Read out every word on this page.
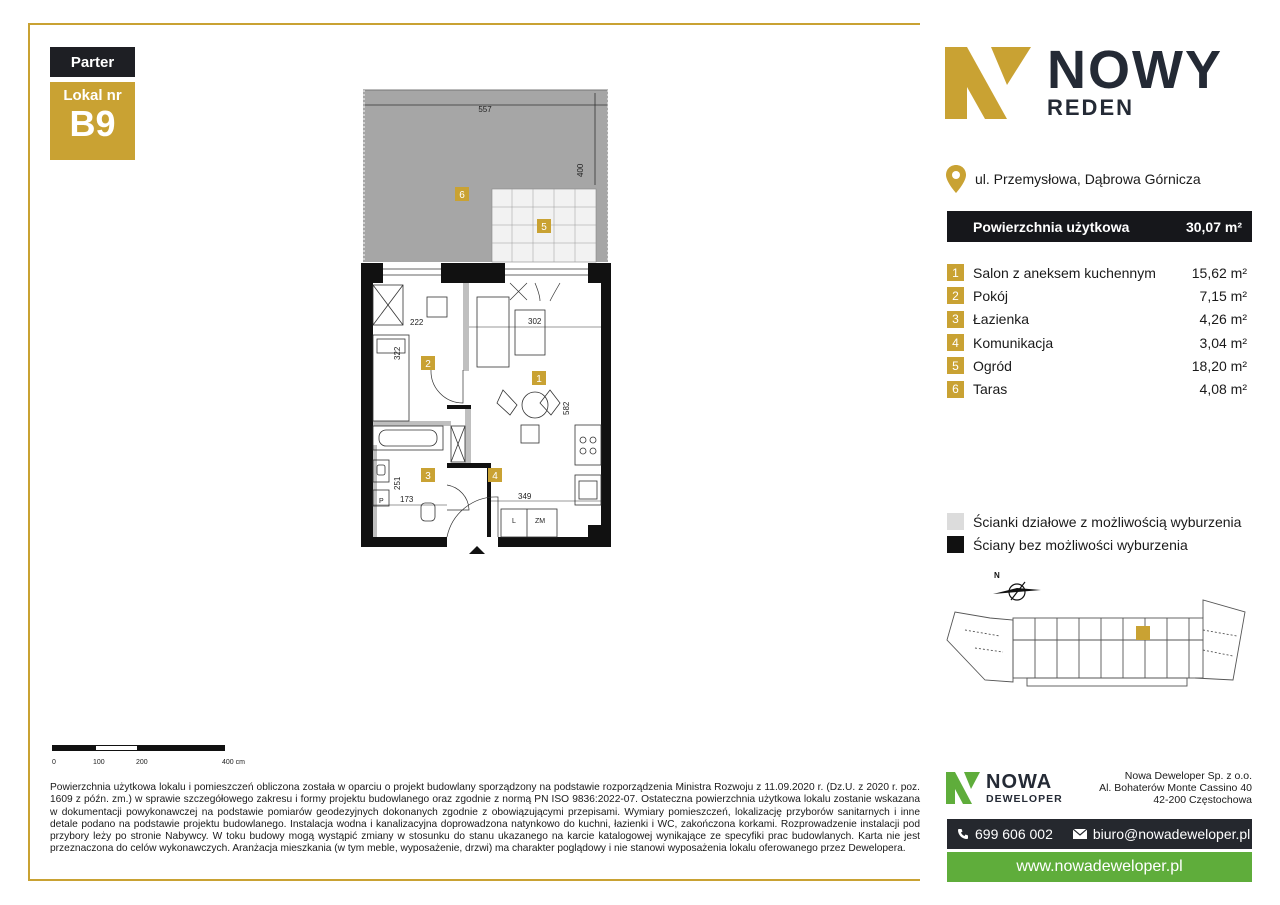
Parter
Lokal nr
B9	557
400
6
5
222
322
302
582
251
P 173	349
L	ZM
1
2
3	4
0	100	200	400 cm

Powierzchnia użytkowa lokalu i pomieszczeń obliczona została w oparciu o projekt budowlany sporządzony na podstawie rozporządzenia Ministra Rozwoju z 11.09.2020 r. (Dz.U. z 2020 r. poz. 1609 z późn. zm.) w sprawie szczegółowego zakresu i formy projektu budowlanego oraz zgodnie z normą PN ISO 9836:2022-07. Ostateczna powierzchnia użytkowa lokalu zostanie wskazana w dokumentacji powykonawczej na podstawie pomiarów geodezyjnych dokonanych zgodnie z obowiązującymi przepisami. Wymiary pomieszczeń, lokalizację przyborów sanitarnych i inne detale podano na podstawie projektu budowlanego. Instalacja wodna i kanalizacyjna doprowadzona natynkowo do kuchni, łazienki i WC, zakończona korkami. Rozprowadzenie instalacji pod przybory leży po stronie Nabywcy. W toku budowy mogą wystąpić zmiany w stosunku do stanu ukazanego na karcie katalogowej wynikające ze specyfiki prac budowlanych. Karta nie jest przeznaczona do celów wykonawczych. Aranżacja mieszkania (w tym meble, wyposażenie, drzwi) ma charakter poglądowy i nie stanowi wyposażenia lokalu oferowanego przez Dewelopera.

NOWY
REDEN
ul. Przemysłowa, Dąbrowa Górnicza
Powierzchnia użytkowa	30,07 m²
1	Salon z aneksem kuchennym	15,62 m²
2	Pokój	7,15 m²
3	Łazienka	4,26 m²
4	Komunikacja	3,04 m²
5	Ogród	18,20 m²
6	Taras	4,08 m²
Ścianki działowe z możliwością wyburzenia
Ściany bez możliwości wyburzenia
N
NOWA
DEWELOPER
Nowa Deweloper Sp. z o.o.
Al. Bohaterów Monte Cassino 40
42-200 Częstochowa
699 606 002	biuro@nowadeweloper.pl
www.nowadeweloper.pl
